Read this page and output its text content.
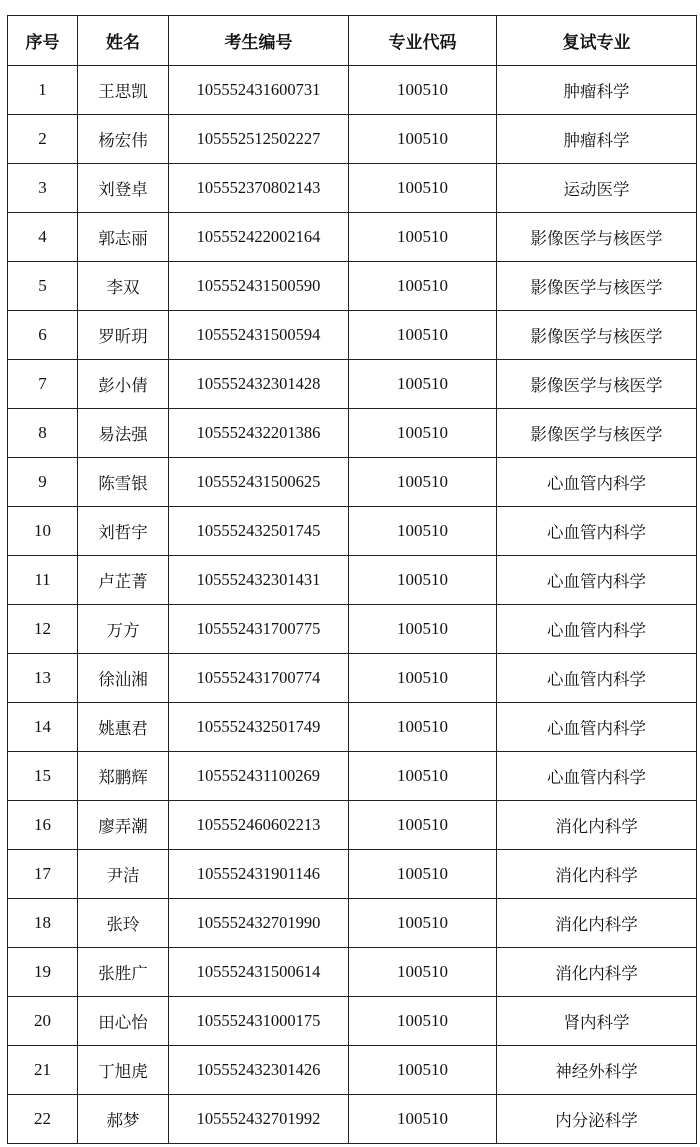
序号	姓名	考生编号	专业代码	复试专业
1	王思凯	105552431600731	100510	肿瘤科学
2	杨宏伟	105552512502227	100510	肿瘤科学
3	刘登卓	105552370802143	100510	运动医学
4	郭志丽	105552422002164	100510	影像医学与核医学
5	李双	105552431500590	100510	影像医学与核医学
6	罗昕玥	105552431500594	100510	影像医学与核医学
7	彭小倩	105552432301428	100510	影像医学与核医学
8	易法强	105552432201386	100510	影像医学与核医学
9	陈雪银	105552431500625	100510	心血管内科学
10	刘哲宇	105552432501745	100510	心血管内科学
11	卢芷菁	105552432301431	100510	心血管内科学
12	万方	105552431700775	100510	心血管内科学
13	徐汕湘	105552431700774	100510	心血管内科学
14	姚惠君	105552432501749	100510	心血管内科学
15	郑鹏辉	105552431100269	100510	心血管内科学
16	廖弄潮	105552460602213	100510	消化内科学
17	尹洁	105552431901146	100510	消化内科学
18	张玲	105552432701990	100510	消化内科学
19	张胜广	105552431500614	100510	消化内科学
20	田心怡	105552431000175	100510	肾内科学
21	丁旭虎	105552432301426	100510	神经外科学
22	郝梦	105552432701992	100510	内分泌科学
